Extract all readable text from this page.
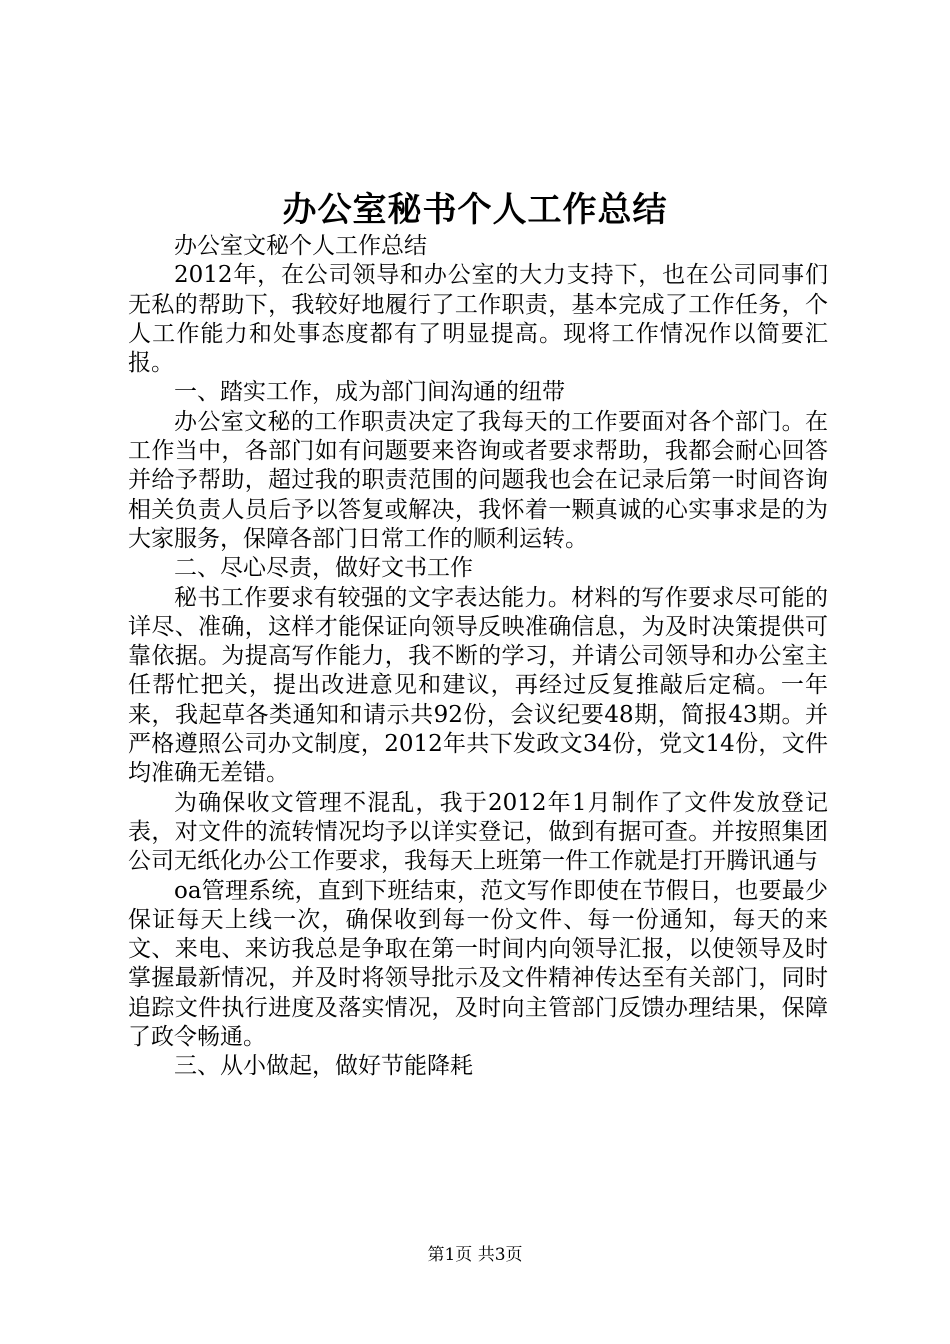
办公室秘书个人工作总结

办公室文秘个人工作总结

2012年，在公司领导和办公室的大力支持下，也在公司同事们无私的帮助下，我较好地履行了工作职责，基本完成了工作任务，个人工作能力和处事态度都有了明显提高。现将工作情况作以简要汇报。

一、踏实工作，成为部门间沟通的纽带

办公室文秘的工作职责决定了我每天的工作要面对各个部门。在工作当中，各部门如有问题要来咨询或者要求帮助，我都会耐心回答并给予帮助，超过我的职责范围的问题我也会在记录后第一时间咨询相关负责人员后予以答复或解决，我怀着一颗真诚的心实事求是的为大家服务，保障各部门日常工作的顺利运转。

二、尽心尽责，做好文书工作

秘书工作要求有较强的文字表达能力。材料的写作要求尽可能的详尽、准确，这样才能保证向领导反映准确信息，为及时决策提供可靠依据。为提高写作能力，我不断的学习，并请公司领导和办公室主任帮忙把关，提出改进意见和建议，再经过反复推敲后定稿。一年来，我起草各类通知和请示共92份，会议纪要48期，简报43期。并严格遵照公司办文制度，2012年共下发政文34份，党文14份，文件均准确无差错。

为确保收文管理不混乱，我于2012年1月制作了文件发放登记表，对文件的流转情况均予以详实登记，做到有据可查。并按照集团公司无纸化办公工作要求，我每天上班第一件工作就是打开腾讯通与

oa管理系统，直到下班结束，范文写作即使在节假日，也要最少保证每天上线一次，确保收到每一份文件、每一份通知，每天的来文、来电、来访我总是争取在第一时间内向领导汇报，以使领导及时掌握最新情况，并及时将领导批示及文件精神传达至有关部门，同时追踪文件执行进度及落实情况，及时向主管部门反馈办理结果，保障了政令畅通。

三、从小做起，做好节能降耗

第1页 共3页
